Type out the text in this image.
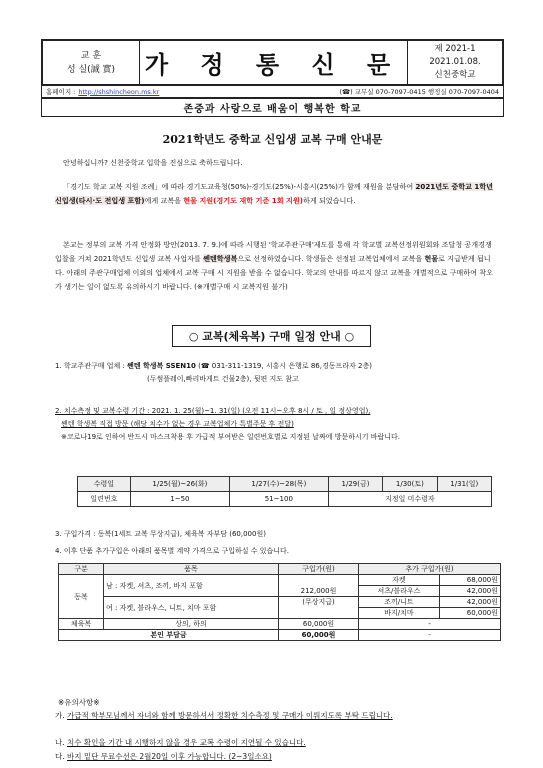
교 훈
성 실(誠 實) 가 정 통 신 문
제 2021-1
2021.01.08.
신천중학교
홈페이지 : http://shshincheon.ms.kr	(☎) 교무실 070-7097-0415 행정실 070-7097-0404
존중과 사랑으로 배움이 행복한 학교
2021학년도 중학교 신입생 교복 구매 안내문
안녕하십니까? 신천중학교 입학을 진심으로 축하드립니다.
「경기도 학교 교복 지원 조례」에 따라 경기도교육청(50%)-경기도(25%)-시흥시(25%)가 함께 재원을 분담하여 2021년도 중학교 1학년 신입생(타시·도 전입생 포함)에게 교복을 현물 지원(경기도 재학 기준 1회 지원)하게 되었습니다.
본교는 정부의 교복 가격 안정화 방안(2013. 7. 9.)에 따라 시행된 '학교주관구매'제도를 통해 각 학교별 교복선정위원회와 조달청 공개경쟁입찰을 거쳐 2021학년도 신입생 교복 사업자를 쎈텐학생복으로 선정하였습니다. 학생들은 선정된 교복업체에서 교복을 현물로 지급받게 됩니다. 아래의 주관구매업체 이외의 업체에서 교복 구매 시 지원을 받을 수 없습니다. 학교의 안내를 따르지 않고 교복을 개별적으로 구매하여 착오가 생기는 일이 없도록 유의하시기 바랍니다. (※개별구매 시 교복지원 불가)
○ 교복(체육복) 구매 일정 안내 ○
1. 학교주관구매 업체 : 쎈텐 학생복 SSEN10 (☎ 031-311-1319, 시흥시 은행로 86,경동프라자 2층)
(두썸플레이,빠리바게트 건물2층), 뒷편 지도 참고
2. 치수측정 및 교복수령 기간 : 2021. 1. 25(월)~1. 31(일) (오전 11시~오후 8시 / 토 , 일 정상영업),
쎈텐 학생복 직접 방문 (해당 치수가 없는 경우 교복업체가 특별주문 후 전달)

※코로나19로 인하여 반드시 마스크착용 후 가급적 부여받은 일련번호별로 지정된 날짜에 방문하시기 바랍니다.
수령일	1/25(월)~26(화)	1/27(수)~28(목)	1/29(금)	1/30(토)	1/31(일)
일련번호	1~50	51~100	지정일 미수령자		
3. 구입가격 : 동복(1세트 교복 무상지급), 체육복 자부담 (60,000원)
4. 이후 단품 추가구입은 아래의 품목별 계약 가격으로 구입하실 수 있습니다.
구분	품목	구입가(원)	추가 구입가(원)	
동복	남 : 자켓, 셔츠, 조끼, 바지 포함	212,000원	자켓	68,000원
			셔츠/블라우스	42,000원
	여 : 자켓, 블라우스, 니트, 치마 포함	(무상지급)	조끼/니트	42,000원
			바지/치마	60,000원
체육복	상의, 하의	60,000원	-	
본인 부담금		60,000원	-	
※유의사항※
가. 가급적 학부모님께서 자녀와 함께 방문하셔서 정확한 치수측정 및 구매가 이뤄지도록 부탁 드립니다.
나. 치수 확인을 기간 내 시행하지 않을 경우 교복 수령이 지연될 수 있습니다.
다. 바지 밑단 무료수선은 2월20일 이후 가능합니다. (2~3일소요)
